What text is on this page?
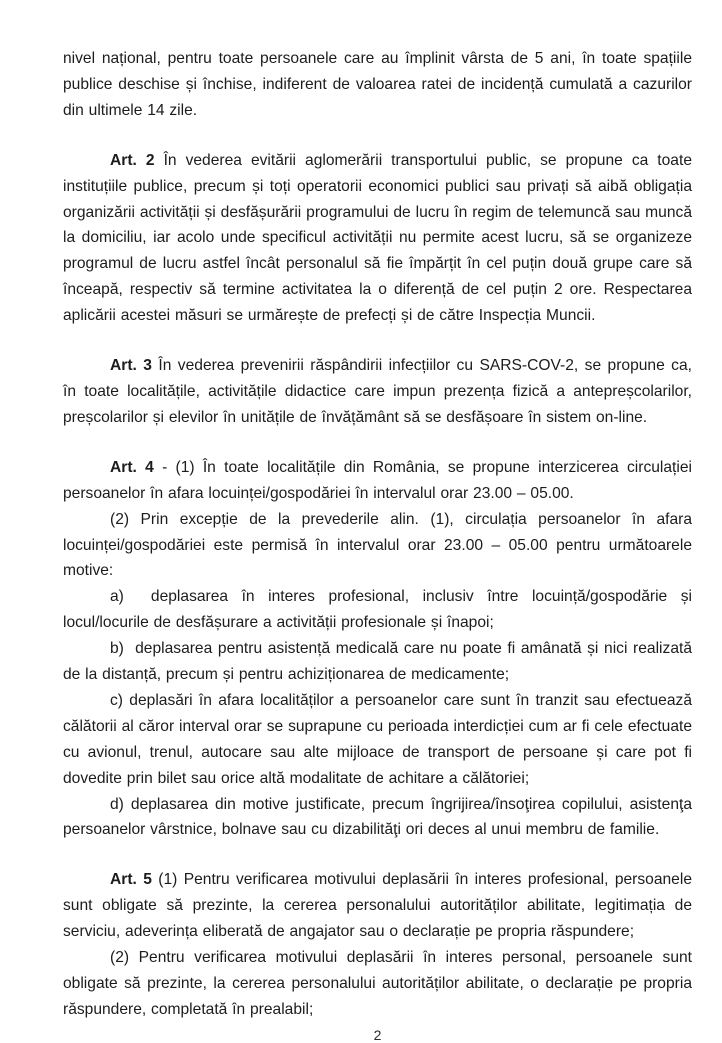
nivel național, pentru toate persoanele care au împlinit vârsta de 5 ani, în toate spațiile publice deschise și închise, indiferent de valoarea ratei de incidență cumulată a cazurilor din ultimele 14 zile.

Art. 2 În vederea evitării aglomerării transportului public, se propune ca toate instituțiile publice, precum și toți operatorii economici publici sau privați să aibă obligația organizării activității și desfășurării programului de lucru în regim de telemuncă sau muncă la domiciliu, iar acolo unde specificul activității nu permite acest lucru, să se organizeze programul de lucru astfel încât personalul să fie împărțit în cel puțin două grupe care să înceapă, respectiv să termine activitatea la o diferență de cel puțin 2 ore. Respectarea aplicării acestei măsuri se urmărește de prefecți și de către Inspecția Muncii.

Art. 3 În vederea prevenirii răspândirii infecțiilor cu SARS-COV-2, se propune ca, în toate localitățile, activitățile didactice care impun prezența fizică a antepreșcolarilor, preșcolarilor și elevilor în unitățile de învățământ să se desfășoare în sistem on-line.

Art. 4 - (1) În toate localitățile din România, se propune interzicerea circulației persoanelor în afara locuinței/gospodăriei în intervalul orar 23.00 – 05.00.

(2) Prin excepție de la prevederile alin. (1), circulația persoanelor în afara locuinței/gospodăriei este permisă în intervalul orar 23.00 – 05.00 pentru următoarele motive:

a)  deplasarea în interes profesional, inclusiv între locuință/gospodărie și locul/locurile de desfășurare a activității profesionale și înapoi;

b)  deplasarea pentru asistență medicală care nu poate fi amânată și nici realizată de la distanță, precum și pentru achiziționarea de medicamente;

c) deplasări în afara localităților a persoanelor care sunt în tranzit sau efectuează călătorii al căror interval orar se suprapune cu perioada interdicției cum ar fi cele efectuate cu avionul, trenul, autocare sau alte mijloace de transport de persoane și care pot fi dovedite prin bilet sau orice altă modalitate de achitare a călătoriei;

d) deplasarea din motive justificate, precum îngrijirea/însoţirea copilului, asistenţa persoanelor vârstnice, bolnave sau cu dizabilităţi ori deces al unui membru de familie.

Art. 5 (1) Pentru verificarea motivului deplasării în interes profesional, persoanele sunt obligate să prezinte, la cererea personalului autorităților abilitate, legitimația de serviciu, adeverința eliberată de angajator sau o declarație pe propria răspundere;

(2) Pentru verificarea motivului deplasării în interes personal, persoanele sunt obligate să prezinte, la cererea personalului autorităților abilitate, o declarație pe propria răspundere, completată în prealabil;

2
